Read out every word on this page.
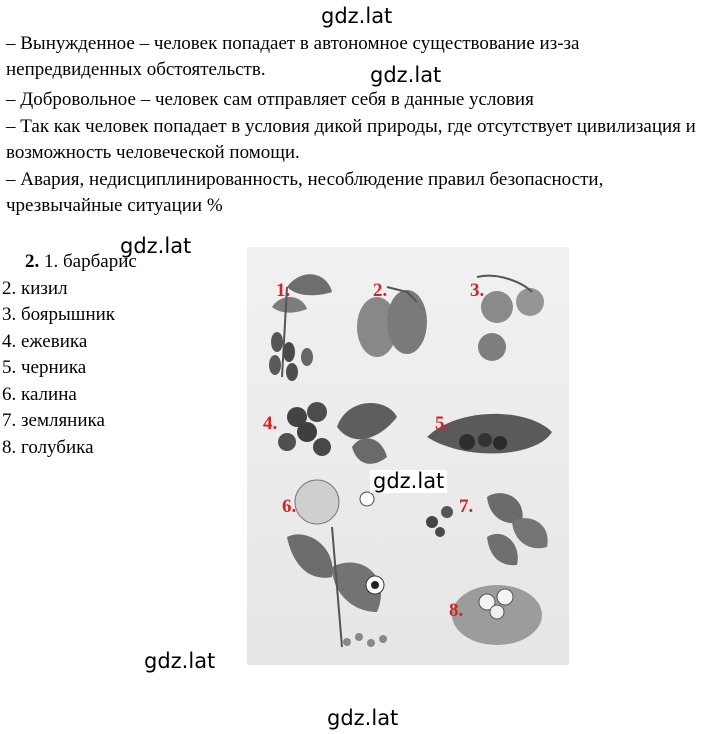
gdz.lat
– Вынужденное – человек попадает в автономное существование из-за непредвиденных обстоятельств.	gdz.lat
– Добровольное – человек сам отправляет себя в данные условия
– Так как человек попадает в условия дикой природы, где отсутствует цивилизация и возможность человеческой помощи.
– Авария, недисциплинированность, несоблюдение правил безопасности, чрезвычайные ситуации %
gdz.lat
2. 1. барбарис
2. кизил
3. боярышник
4. ежевика
5. черника
6. калина
7. земляника
8. голубика
1.	2.	3.
4.	5.
6.	7.
8.
gdz.lat
gdz.lat
gdz.lat
